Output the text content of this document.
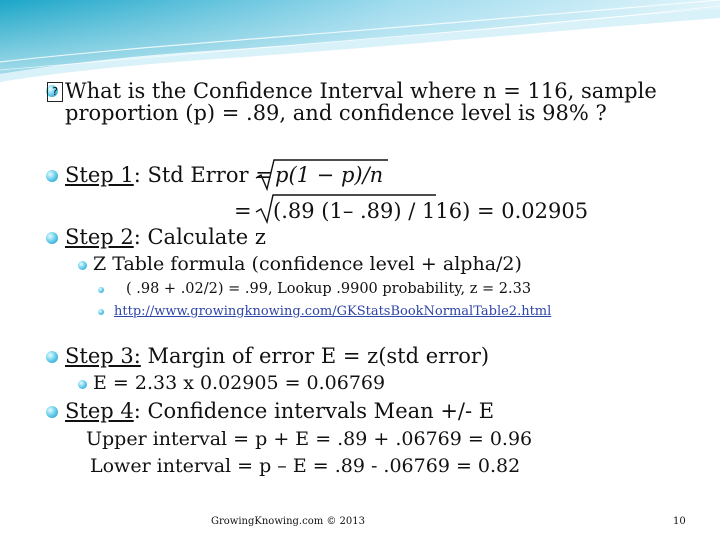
? What is the Confidence Interval where n = 116, sample
proportion (p) = .89, and confidence level is 98% ?
Step 1: Std Error = p(1 − p)/n
= (.89 (1– .89) / 116) = 0.02905
Step 2: Calculate z
Z Table formula (confidence level + alpha/2)
( .98 + .02/2) = .99, Lookup .9900 probability, z = 2.33
http://www.growingknowing.com/GKStatsBookNormalTable2.html
Step 3: Margin of error E = z(std error)
E = 2.33 x 0.02905 = 0.06769
Step 4: Confidence intervals Mean +/- E
Upper interval = p + E = .89 + .06769 = 0.96
Lower interval = p – E = .89 - .06769 = 0.82
GrowingKnowing.com © 2013	10
